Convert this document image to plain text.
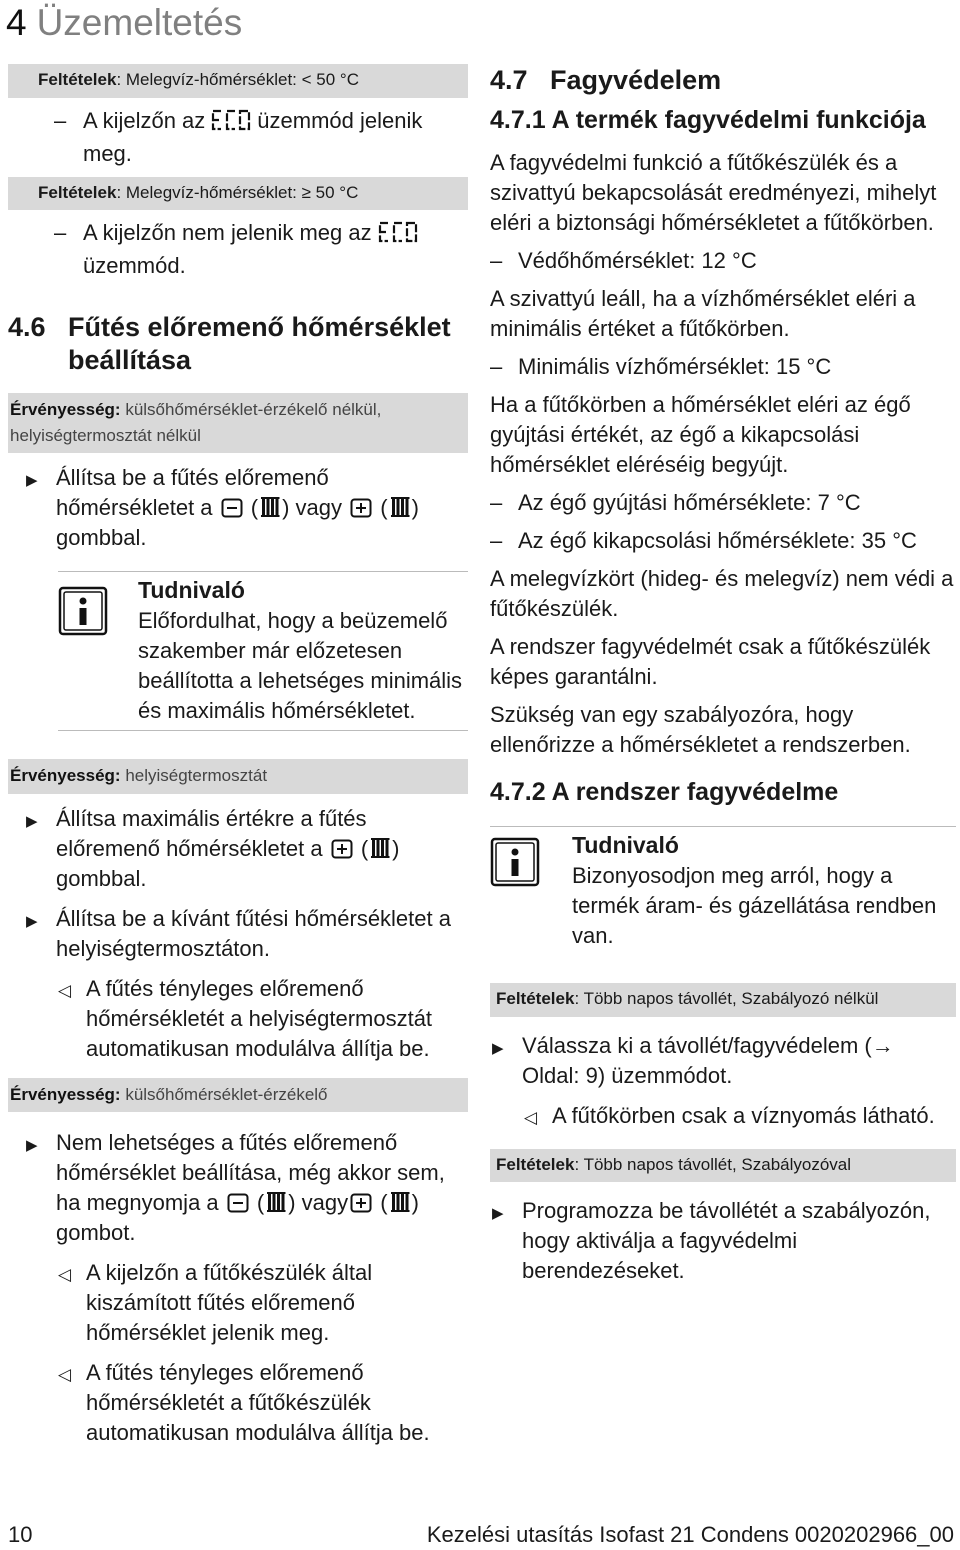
4 Üzemeltetés
Feltételek: Melegvíz-hőmérséklet: < 50 °C
– A kijelzőn az üzemmód jelenik meg.
Feltételek: Melegvíz-hőmérséklet: ≥ 50 °C
– A kijelzőn nem jelenik meg azüzemmód.
4.6 Fűtés előremenő hőmérséklet beállítása
Érvényesség: külsőhőmérséklet-érzékelő nélkül, helyiségtermosztát nélkül
▶ Állítsa be a fűtés előremenő hőmérsékletet a ( ) vagy ( ) gombbal.
Tudnivaló
Előfordulhat, hogy a beüzemelő szakember már előzetesen beállította a lehetséges minimális és maximális hőmérsékletet.
Érvényesség: helyiségtermosztát
▶ Állítsa maximális értékre a fűtés előremenő hőmérsékletet a ( ) gombbal.
▶ Állítsa be a kívánt fűtési hőmérsékletet a helyiségtermosztáton.
◁ A fűtés tényleges előremenő hőmérsékletét a helyiségtermosztát automatikusan modulálva állítja be.
Érvényesség: külsőhőmérséklet-érzékelő
▶ Nem lehetséges a fűtés előremenő hőmérséklet beállítása, még akkor sem, ha megnyomja a ( ) vagy ( ) gombot.
◁ A kijelzőn a fűtőkészülék által kiszámított fűtés előremenő hőmérséklet jelenik meg.
◁ A fűtés tényleges előremenő hőmérsékletét a fűtőkészülék automatikusan modulálva állítja be.
4.7   Fagyvédelem
4.7.1 A termék fagyvédelmi funkciója

A fagyvédelmi funkció a fűtőkészülék és a szivattyú bekapcsolását eredményezi, mihelyt eléri a biztonsági hőmérsékletet a fűtőkörben.

– Védőhőmérséklet: 12 °C

A szivattyú leáll, ha a vízhőmérséklet eléri a minimális értéket a fűtőkörben.

– Minimális vízhőmérséklet: 15 °C

Ha a fűtőkörben a hőmérséklet eléri az égő gyújtási értékét, az égő a kikapcsolási hőmérséklet eléréséig begyújt.

– Az égő gyújtási hőmérséklete: 7 °C
– Az égő kikapcsolási hőmérséklete: 35 °C

A melegvízkört (hideg- és melegvíz) nem védi a fűtőkészülék.

A rendszer fagyvédelmét csak a fűtőkészülék képes garantálni.

Szükség van egy szabályozóra, hogy ellenőrizze a hőmérsékletet a rendszerben.

4.7.2 A rendszer fagyvédelme
Tudnivaló
Bizonyosodjon meg arról, hogy a termék áram- és gázellátása rendben van.
Feltételek: Több napos távollét, Szabályozó nélkül
▶ Válassza ki a távollét/fagyvédelem (→ Oldal: 9) üzemmódot.
◁ A fűtőkörben csak a víznyomás látható.
Feltételek: Több napos távollét, Szabályozóval
▶ Programozza be távollétét a szabályozón, hogy aktiválja a fagyvédelmi berendezéseket.
10	Kezelési utasítás Isofast 21 Condens 0020202966_00
